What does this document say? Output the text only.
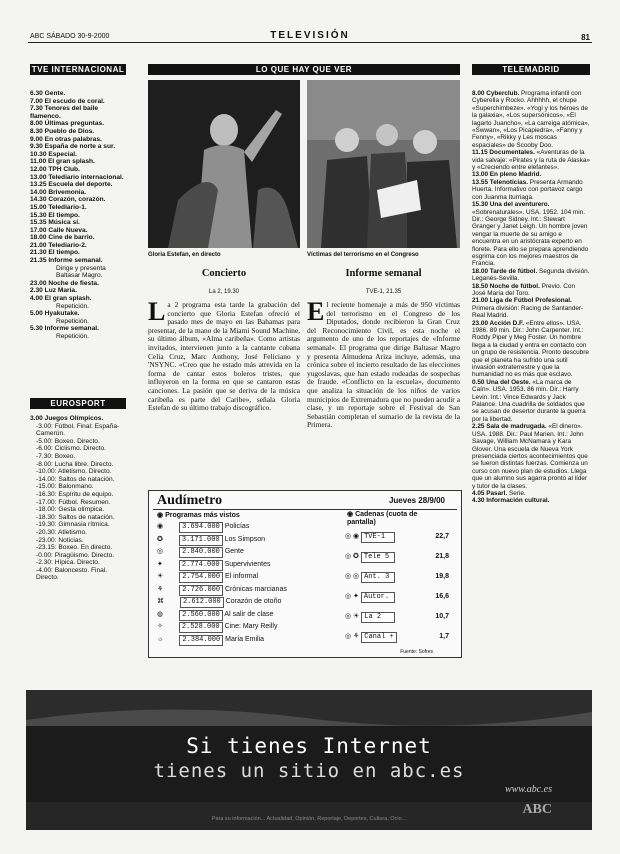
ABC SÁBADO 30-9-2000	TELEVISIÓN	81
TVE INTERNACIONAL
6.30 Gente.
7.00 El escudo de coral.
7.30 Tenores del baile flamenco.
8.00 Últimas preguntas.
8.30 Pueblo de Dios.
9.00 En otras palabras.
9.30 España de norte a sur.
10.30 Especial.
11.00 El gran splash.
12.00 TPH Club.
13.00 Telediario internacional.
13.25 Escuela del deporte.
14.00 Brivemonia.
14.30 Corazón, corazón.
15.00 Telediario-1.
15.30 El tiempo.
15.35 Música sí.
17.00 Calle Nueva.
18.00 Cine de barrio.
21.00 Telediario-2.
21.30 El tiempo.
21.35 Informe semanal.
Dirige y presenta Baltasar Magro.
23.00 Noche de fiesta.
2.30 Luz María.
4.00 El gran splash.
Repetición.
5.00 Hyakutake.
Repetición.
5.30 Informe semanal.
Repetición.
EUROSPORT
3.00 Juegos Olímpicos.
-3.00: Fútbol. Final: España-Camerún.
-5.00: Boxeo. Directo.
-6.00: Ciclismo. Directo.
-7.30: Boxeo.
-8.00: Lucha libre. Directo.
-10.00: Atletismo. Directo.
-14.00: Saltos de natación.
-15.00: Balonmano.
-16.30: Espíritu de equipo.
-17.00: Fútbol. Resumen.
-18.00: Gesta olímpica.
-18.30: Saltos de natación.
-19.30: Gimnasia rítmica.
-20.30: Atletismo.
-23.00: Noticias.
-23.15: Boxeo. En directo.
-0.00: Piragüismo. Directo.
-2.30: Hípica. Directo.
-4.00: Baloncesto. Final. Directo.
LO QUE HAY QUE VER
Gloria Estefan, en directo	Víctimas del terrorismo en el Congreso
Concierto
La 2, 19.30
La 2 programa esta tarde la grabación del concierto que Gloria Estefan ofreció el pasado mes de mayo en las Bahamas para presentar, de la mano de la Miami Sound Machine, su último álbum, «Alma caribeña». Como artistas invitados, intervienen junto a la cantante cubana Celia Cruz, Marc Anthony, José Feliciano y 'NSYNC. «Creo que he estado más atrevida en la forma de cantar estos boleros tristes, que influyeron en la forma en que se cantaron estas canciones. La pasión que se deriva de la música caribeña es parte del Caribe», señala Gloria Estefan de su último trabajo discográfico.
Informe semanal
TVE-1, 21.35
El reciente homenaje a más de 950 víctimas del terrorismo en el Congreso de los Diputados, donde recibieron la Gran Cruz del Reconocimiento Civil, es esta noche el argumento de uno de los reportajes de «Informe semanal». El programa que dirige Baltasar Magro y presenta Almudena Ariza incluye, además, una crónica sobre el incierto resultado de las elecciones yugoslavas, que han estado rodeadas de sospechas de fraude. «Conflicto en la escuela», documento que analiza la situación de los niños de varios municipios de Extremadura que no pueden acudir a clase, y un reportaje sobre el Festival de San Sebastián completan el sumario de la revista de la Primera.
Audímetro	Jueves 28/9/00
◉ Programas más vistos	◉ Cadenas (cuota de pantalla)
◉ 3.694.000 Policías
✪ 3.171.000 Los Simpson
◎ 2.840.000 Gente
✦ 2.774.000 Supervivientes
☀ 2.754.000 El informal
⚘ 2.726.000 Crónicas marcianas
⌘ 2.612.000 Corazón de otoño
◍ 2.560.000 Al salir de clase
✧ 2.528.000 Cine: Mary Reilly
☼ 2.384.000 María Emilia
◎ ◉ TVE-1	22,7
◎ ✪ Tele 5	21,8
◎ ◎ Ant. 3	19,8
◎ ✦ Autor.	16,6
◎ ☀ La 2	10,7
◎ ⚘ Canal +	1,7
Fuente: Sofres
TELEMADRID
8.00 Cyberclub. Programa infantil con Cyberella y Rocko. Ahhhhh, el chupe «Superchimbeze». «Yogi y los héroes de la galaxia», «Los supersónicos», «El lagarto Juancho», «La carreiga atómica», «Swwan», «Los Picapiedra», «Fanny y Fenny», «Rikky y Les moscas espaciales» de Scooby Doo.
11.15 Documentales. «Aventuras de la vida salvaje: «Pirates y la ruta de Alaska» y «Creciendo entre elefantes».
13.00 En pleno Madrid.
13.55 Telenoticias. Presenta Armando Huerta. Informativo con portavoz cargo con Juanma Iturriaga.
15.30 Una del aventurero. «Sobrenaturales». USA. 1952. 104 min. Dir.: George Sidney. Int.: Stewart Granger y Janet Leigh. Un hombre joven vengar la muerte de su amigo e encuentra en un aristócrata experto en florete. Para ello se prepara aprendiendo esgrima con los mejores maestros de Francia.
18.00 Tarde de fútbol. Segunda división. Leganés-Sevilla.
18.50 Noche de fútbol. Previo. Con José María del Toro.
21.00 Liga de Fútbol Profesional. Primera división: Racing de Santander-Real Madrid.
23.00 Acción D.F. «Entre ellos». USA. 1986. 89 min. Dir.: John Carpenter. Int.: Roddy Piper y Meg Foster. Un hombre llega a la ciudad y entra en contacto con un grupo de resistencia. Pronto descubre que el planeta ha sufrido una sutil invasión extraterrestre y que la humanidad no es más que esclavo.
0.50 Una del Oeste. «La marca de Caín». USA. 1953. 86 min. Dir.: Harry Levin. Int.: Vince Edwards y Jack Palance. Una cuadrilla de soldados que se acusan de desertor durante la guerra por la libertad.
2.25 Sala de madrugada. «El dinero». USA. 1988. Dir.: Paul Marien. Int.: John Savage, William McNamara y Kara Glover. Una escuela de Nueva York presenciada ciertos acontecimientos que se fueron distintas fuerzas. Comienza un curso con nuevo plan de estudios. Llega que un alumno sus agarra pronto al líder y tutor de la clases.
4.05 Pasarl. Serie.
4.30 Información cultural.
Si tienes Internet
tienes un sitio en abc.es
www.abc.es
ABC
Para su información... Actualidad, Opinión, Reportaje, Deportes, Cultura, Ocio...
